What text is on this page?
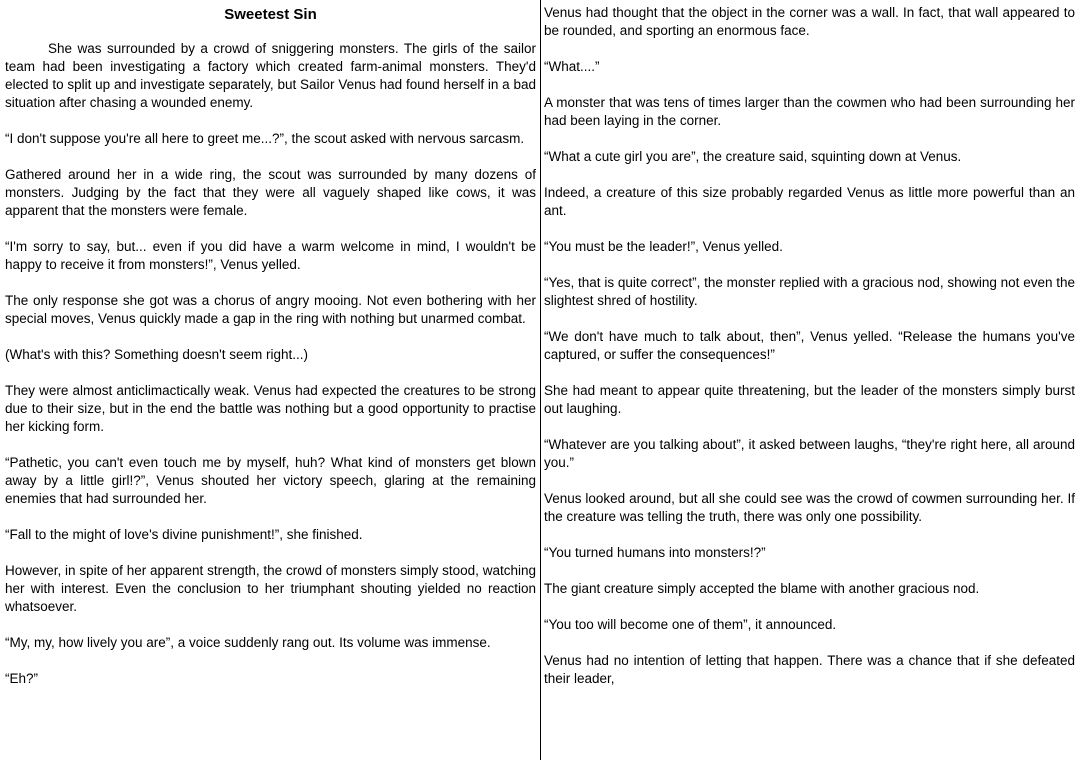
Sweetest Sin

She was surrounded by a crowd of sniggering monsters. The girls of the sailor team had been investigating a factory which created farm-animal monsters. They'd elected to split up and investigate separately, but Sailor Venus had found herself in a bad situation after chasing a wounded enemy.

“I don't suppose you're all here to greet me...?”, the scout asked with nervous sarcasm.

Gathered around her in a wide ring, the scout was surrounded by many dozens of monsters. Judging by the fact that they were all vaguely shaped like cows, it was apparent that the monsters were female.

“I'm sorry to say, but... even if you did have a warm welcome in mind, I wouldn't be happy to receive it from monsters!”, Venus yelled.

The only response she got was a chorus of angry mooing. Not even bothering with her special moves, Venus quickly made a gap in the ring with nothing but unarmed combat.

(What's with this? Something doesn't seem right...)

They were almost anticlimactically weak. Venus had expected the creatures to be strong due to their size, but in the end the battle was nothing but a good opportunity to practise her kicking form.

“Pathetic, you can't even touch me by myself, huh? What kind of monsters get blown away by a little girl!?”, Venus shouted her victory speech, glaring at the remaining enemies that had surrounded her.

“Fall to the might of love's divine punishment!”, she finished.

However, in spite of her apparent strength, the crowd of monsters simply stood, watching her with interest. Even the conclusion to her triumphant shouting yielded no reaction whatsoever.

“My, my, how lively you are”, a voice suddenly rang out. Its volume was immense.

“Eh?”

Venus had thought that the object in the corner was a wall. In fact, that wall appeared to be rounded, and sporting an enormous face.

“What....”

A monster that was tens of times larger than the cowmen who had been surrounding her had been laying in the corner.

“What a cute girl you are”, the creature said, squinting down at Venus.

Indeed, a creature of this size probably regarded Venus as little more powerful than an ant.

“You must be the leader!”, Venus yelled.

“Yes, that is quite correct”, the monster replied with a gracious nod, showing not even the slightest shred of hostility.

“We don't have much to talk about, then”, Venus yelled. “Release the humans you've captured, or suffer the consequences!”

She had meant to appear quite threatening, but the leader of the monsters simply burst out laughing.

“Whatever are you talking about”, it asked between laughs, “they're right here, all around you.”

Venus looked around, but all she could see was the crowd of cowmen surrounding her. If the creature was telling the truth, there was only one possibility.

“You turned humans into monsters!?”

The giant creature simply accepted the blame with another gracious nod.

“You too will become one of them”, it announced.

Venus had no intention of letting that happen. There was a chance that if she defeated their leader,
